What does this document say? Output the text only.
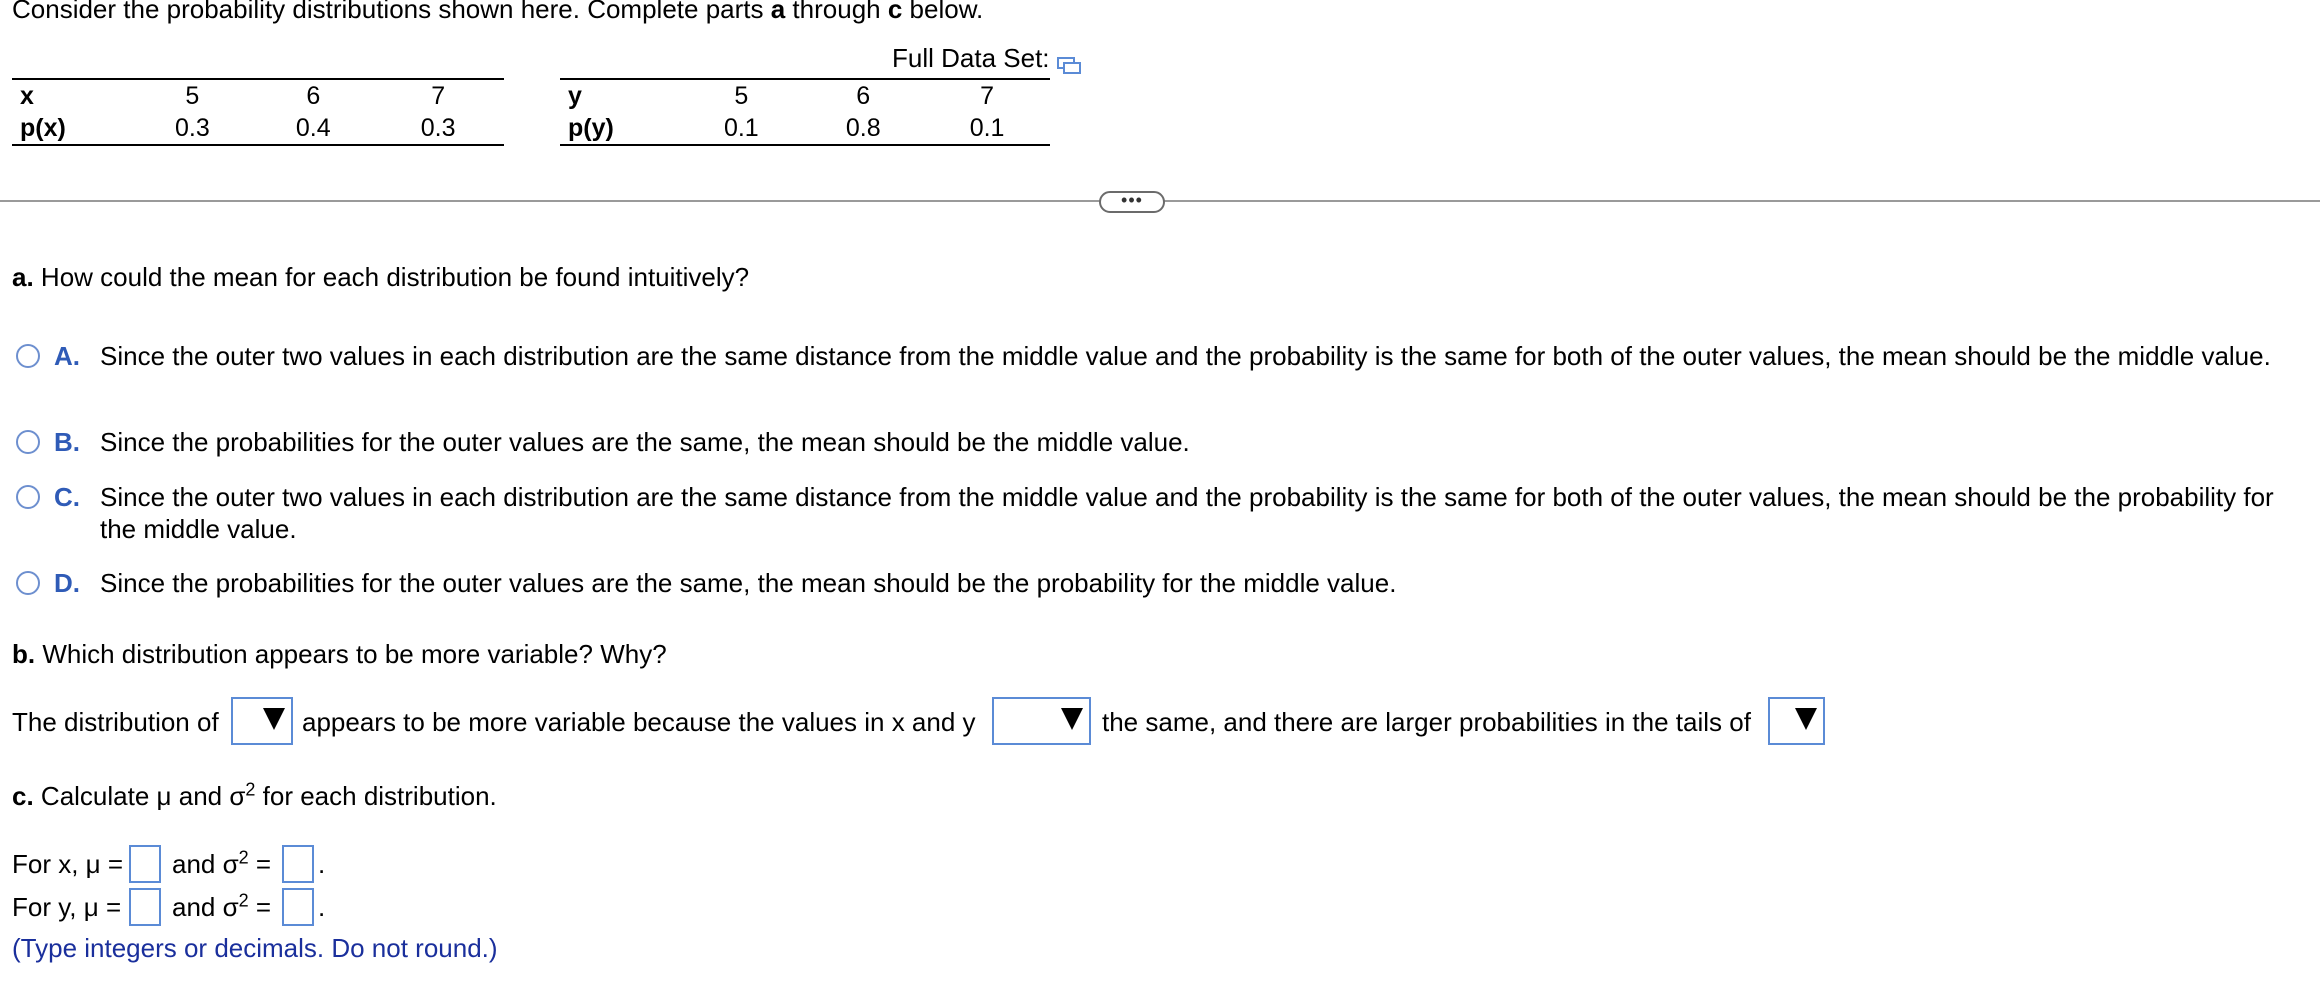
Consider the probability distributions shown here. Complete parts a through c below.
Full Data Set:
x	5	6	7
p(x)	0.3	0.4	0.3
y	5	6	7
p(y)	0.1	0.8	0.1
•••
a. How could the mean for each distribution be found intuitively?
A. Since the outer two values in each distribution are the same distance from the middle value and the probability is the same for both of the outer values, the mean should be the middle value.
B. Since the probabilities for the outer values are the same, the mean should be the middle value.
C. Since the outer two values in each distribution are the same distance from the middle value and the probability is the same for both of the outer values, the mean should be the probability for
the middle value.
D. Since the probabilities for the outer values are the same, the mean should be the probability for the middle value.
b. Which distribution appears to be more variable? Why?
The distribution of	appears to be more variable because the values in x and y	the same, and there are larger probabilities in the tails of
c. Calculate μ and $\sigma^2$ for each distribution.
For x, μ = and $\sigma^2$ = .
For y, μ = and $\sigma^2$ = .
(Type integers or decimals. Do not round.)
